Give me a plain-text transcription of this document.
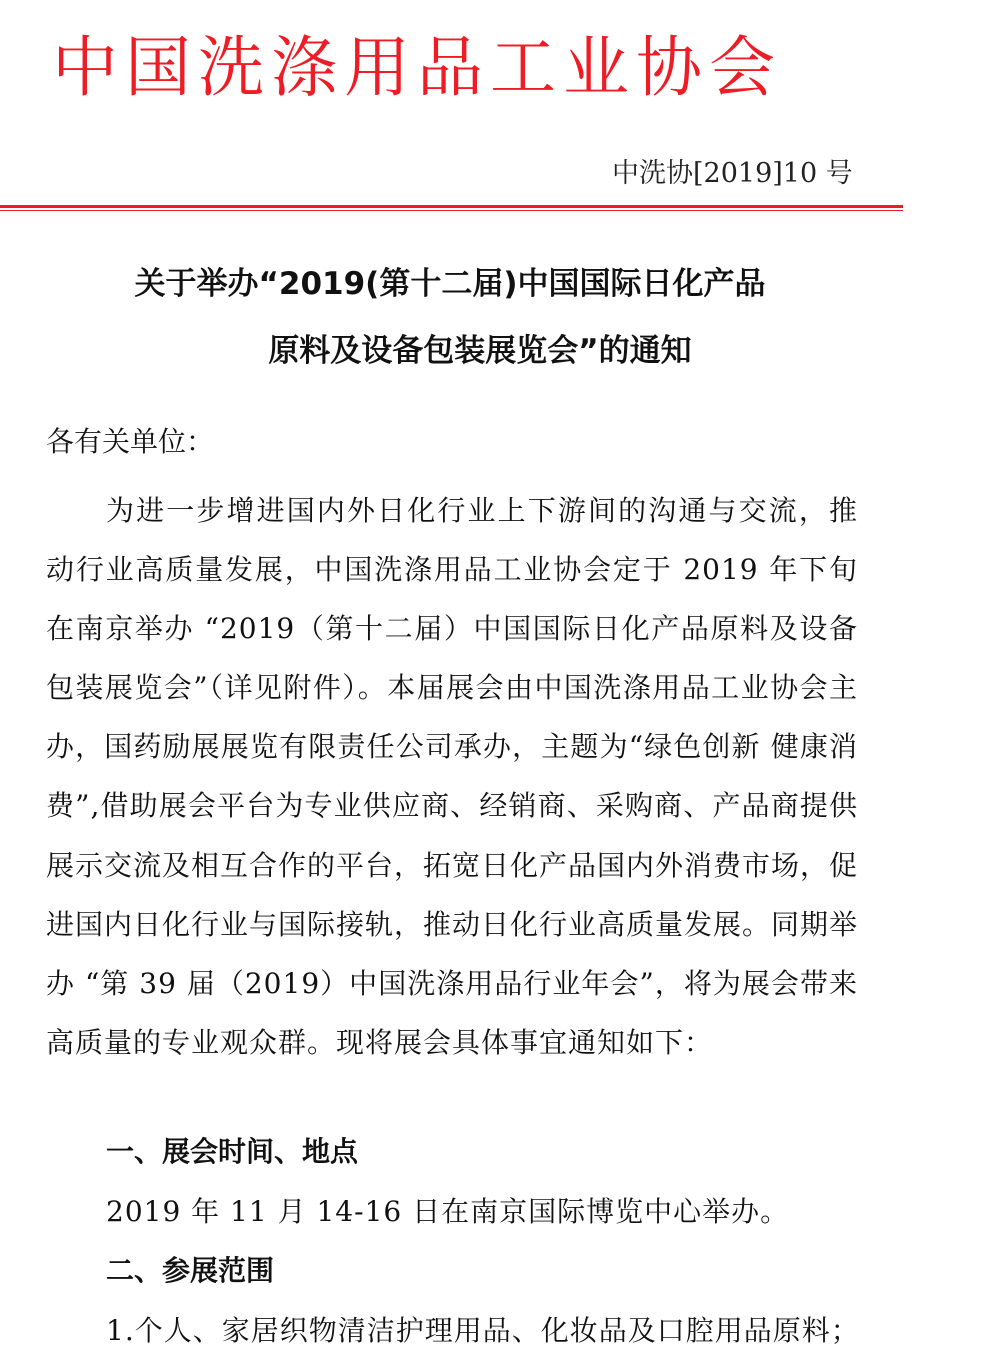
中国洗涤用品工业协会
中洗协[2019]10 号
关于举办“2019(第十二届)中国国际日化产品
原料及设备包装展览会”的通知
各有关单位：
为进一步增进国内外日化行业上下游间的沟通与交流，推动行业高质量发展，中国洗涤用品工业协会定于 2019 年下旬在南京举办 “2019（第十二届）中国国际日化产品原料及设备包装展览会”（详见附件）。本届展会由中国洗涤用品工业协会主办，国药励展展览有限责任公司承办，主题为“绿色创新 健康消费”,借助展会平台为专业供应商、经销商、采购商、产品商提供展示交流及相互合作的平台，拓宽日化产品国内外消费市场，促进国内日化行业与国际接轨，推动日化行业高质量发展。同期举办 “第 39 届（2019）中国洗涤用品行业年会”，将为展会带来高质量的专业观众群。现将展会具体事宜通知如下：
一、展会时间、地点
2019 年 11 月 14-16 日在南京国际博览中心举办。
二、参展范围
1.个人、家居织物清洁护理用品、化妆品及口腔用品原料；
